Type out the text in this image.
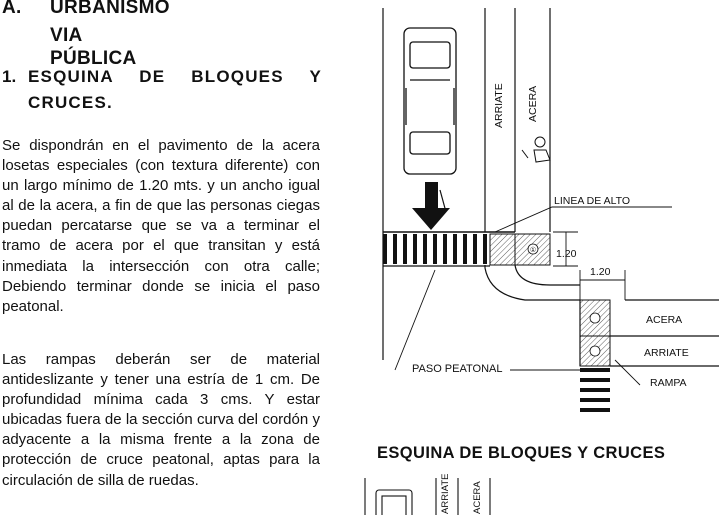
A. URBANISMO
VIA PÚBLICA
1. ESQUINA DE BLOQUES Y
CRUCES.
Se dispondrán en el pavimento de la acera losetas especiales (con textura diferente) con un largo mínimo de 1.20 mts. y un ancho igual al de la acera, a fin de que las personas ciegas puedan percatarse que se va a terminar el tramo de acera por el que transitan y está inmediata la intersección con otra calle; Debiendo terminar donde se inicia el paso peatonal.
Las rampas deberán ser de material antideslizante y tener una estría de 1 cm. De profundidad mínima cada 3 cms. Y estar ubicadas fuera de la sección curva del cordón y adyacente a la misma frente a la zona de protección de cruce peatonal, aptas para la circulación de silla de ruedas.
① 1.20
1.20
ARRIATE ACERA
LINEA DE ALTO
ACERA
ARRIATE
RAMPA
PASO PEATONAL
ESQUINA DE BLOQUES Y CRUCES
ARRIATE ACERA
